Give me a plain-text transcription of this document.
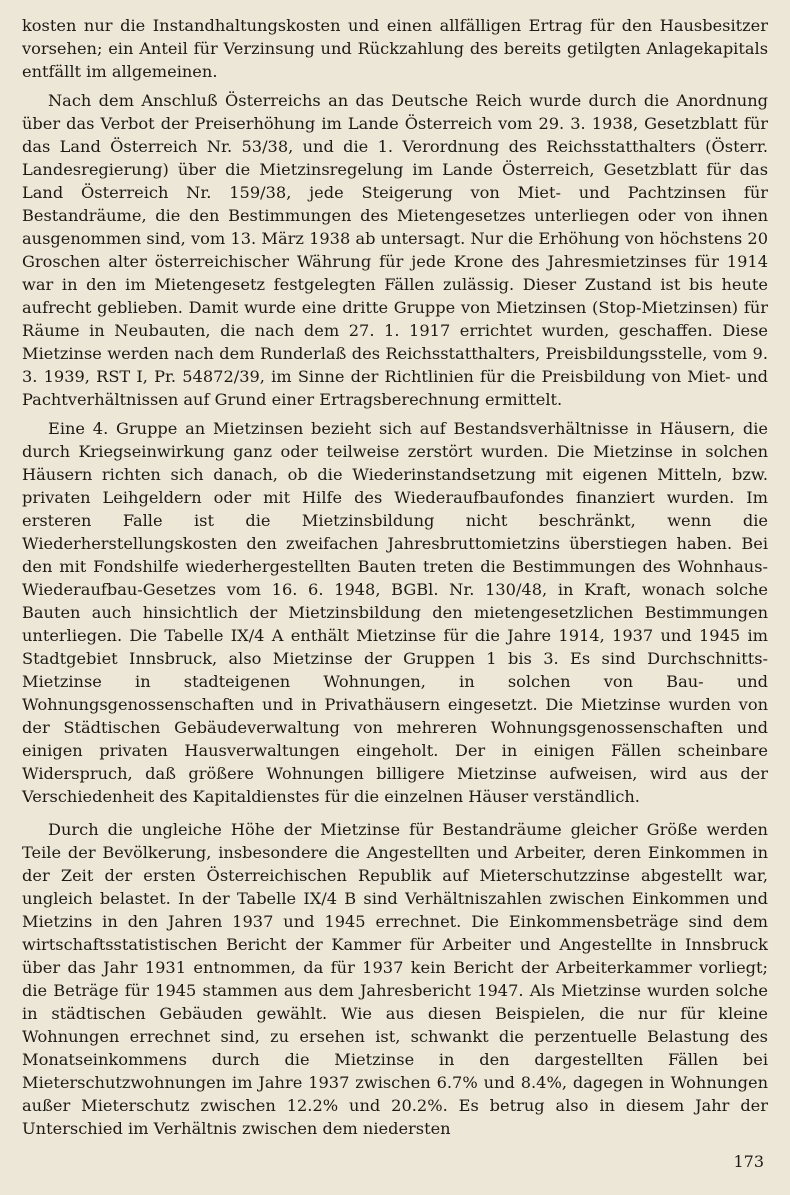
kosten nur die Instandhaltungskosten und einen allfälligen Ertrag für den Hausbesitzer vorsehen; ein Anteil für Verzinsung und Rückzahlung des bereits getilgten Anlagekapitals entfällt im allgemeinen.

Nach dem Anschluß Österreichs an das Deutsche Reich wurde durch die Anordnung über das Verbot der Preiserhöhung im Lande Österreich vom 29. 3. 1938, Gesetzblatt für das Land Österreich Nr. 53/38, und die 1. Verordnung des Reichsstatthalters (Österr. Landesregierung) über die Mietzinsregelung im Lande Österreich, Gesetzblatt für das Land Österreich Nr. 159/38, jede Steigerung von Miet- und Pachtzinsen für Bestandräume, die den Bestimmungen des Mietengesetzes unterliegen oder von ihnen ausgenommen sind, vom 13. März 1938 ab untersagt. Nur die Erhöhung von höchstens 20 Groschen alter österreichischer Währung für jede Krone des Jahresmietzinses für 1914 war in den im Mietengesetz festgelegten Fällen zulässig. Dieser Zustand ist bis heute aufrecht geblieben. Damit wurde eine dritte Gruppe von Mietzinsen (Stop-Mietzinsen) für Räume in Neubauten, die nach dem 27. 1. 1917 errichtet wurden, geschaffen. Diese Mietzinse werden nach dem Runderlaß des Reichsstatthalters, Preisbildungsstelle, vom 9. 3. 1939, RST I, Pr. 54872/39, im Sinne der Richtlinien für die Preisbildung von Miet- und Pachtverhältnissen auf Grund einer Ertragsberechnung ermittelt.

Eine 4. Gruppe an Mietzinsen bezieht sich auf Bestandsverhältnisse in Häusern, die durch Kriegseinwirkung ganz oder teilweise zerstört wurden. Die Mietzinse in solchen Häusern richten sich danach, ob die Wiederinstandsetzung mit eigenen Mitteln, bzw. privaten Leihgeldern oder mit Hilfe des Wiederaufbaufondes finanziert wurden. Im ersteren Falle ist die Mietzinsbildung nicht beschränkt, wenn die Wiederherstellungskosten den zweifachen Jahresbruttomietzins überstiegen haben. Bei den mit Fondshilfe wiederhergestellten Bauten treten die Bestimmungen des Wohnhaus-Wiederaufbau-Gesetzes vom 16. 6. 1948, BGBl. Nr. 130/48, in Kraft, wonach solche Bauten auch hinsichtlich der Mietzinsbildung den mietengesetzlichen Bestimmungen unterliegen. Die Tabelle IX/4 A enthält Mietzinse für die Jahre 1914, 1937 und 1945 im Stadtgebiet Innsbruck, also Mietzinse der Gruppen 1 bis 3. Es sind Durchschnitts-Mietzinse in stadteigenen Wohnungen, in solchen von Bau- und Wohnungsgenossenschaften und in Privathäusern eingesetzt. Die Mietzinse wurden von der Städtischen Gebäudeverwaltung von mehreren Wohnungsgenossenschaften und einigen privaten Hausverwaltungen eingeholt. Der in einigen Fällen scheinbare Widerspruch, daß größere Wohnungen billigere Mietzinse aufweisen, wird aus der Verschiedenheit des Kapitaldienstes für die einzelnen Häuser verständlich.

Durch die ungleiche Höhe der Mietzinse für Bestandräume gleicher Größe werden Teile der Bevölkerung, insbesondere die Angestellten und Arbeiter, deren Einkommen in der Zeit der ersten Österreichischen Republik auf Mieterschutzzinse abgestellt war, ungleich belastet. In der Tabelle IX/4 B sind Verhältniszahlen zwischen Einkommen und Mietzins in den Jahren 1937 und 1945 errechnet. Die Einkommensbeträge sind dem wirtschaftsstatistischen Bericht der Kammer für Arbeiter und Angestellte in Innsbruck über das Jahr 1931 entnommen, da für 1937 kein Bericht der Arbeiterkammer vorliegt; die Beträge für 1945 stammen aus dem Jahresbericht 1947. Als Mietzinse wurden solche in städtischen Gebäuden gewählt. Wie aus diesen Beispielen, die nur für kleine Wohnungen errechnet sind, zu ersehen ist, schwankt die perzentuelle Belastung des Monatseinkommens durch die Mietzinse in den dargestellten Fällen bei Mieterschutzwohnungen im Jahre 1937 zwischen 6.7% und 8.4%, dagegen in Wohnungen außer Mieterschutz zwischen 12.2% und 20.2%. Es betrug also in diesem Jahr der Unterschied im Verhältnis zwischen dem niedersten

173
